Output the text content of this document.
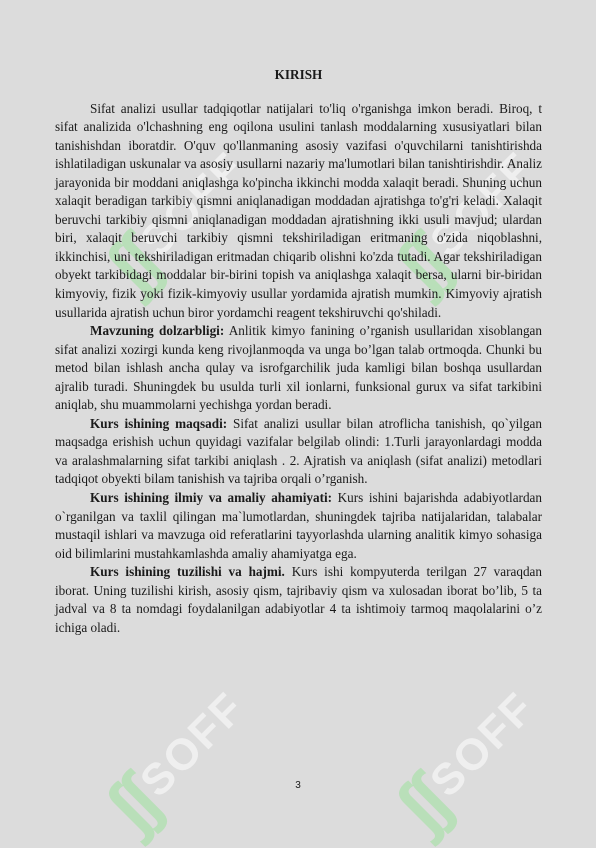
ʃʃ
SOFF ʃʃ
SOFF
ʃʃ
SOFF ʃʃ
SOFF
KIRISH

Sifat analizi usullar tadqiqotlar natijalari to'liq o'rganishga imkon beradi. Biroq, t sifat analizida o'lchashning eng oqilona usulini tanlash moddalarning xususiyatlari bilan tanishishdan iboratdir. O'quv qo'llanmaning asosiy vazifasi o'quvchilarni tanishtirishda ishlatiladigan uskunalar va asosiy usullarni nazariy ma'lumotlari bilan tanishtirishdir. Analiz jarayonida bir moddani aniqlashga ko'pincha ikkinchi modda xalaqit beradi. Shuning uchun xalaqit beradigan tarkibiy qismni aniqlanadigan moddadan ajratishga to'g'ri keladi. Xalaqit beruvchi tarkibiy qismni aniqlanadigan moddadan ajratishning ikki usuli mavjud; ulardan biri, xalaqit beruvchi tarkibiy qismni tekshiriladigan eritmaning o'zida niqoblashni, ikkinchisi, uni tekshiriladigan eritmadan chiqarib olishni ko'zda tutadi. Agar tekshiriladigan obyekt tarkibidagi moddalar bir-birini topish va aniqlashga xalaqit bersa, ularni bir-biridan kimyoviy, fizik yoki fizik-kimyoviy usullar yordamida ajratish mumkin. Kimyoviy ajratish usullarida ajratish uchun biror yordamchi reagent tekshiruvchi qo'shiladi.

Mavzuning dolzarbligi: Anlitik kimyo fanining o’rganish usullaridan xisoblangan sifat analizi xozirgi kunda keng rivojlanmoqda va unga bo’lgan talab ortmoqda. Chunki bu metod bilan ishlash ancha qulay va isrofgarchilik juda kamligi bilan boshqa usullardan ajralib turadi. Shuningdek bu usulda turli xil ionlarni, funksional gurux va sifat tarkibini aniqlab, shu muammolarni yechishga yordan beradi.

Kurs ishining maqsadi: Sifat analizi usullar bilan atroflicha tanishish, qo`yilgan maqsadga erishish uchun quyidagi vazifalar belgilab olindi: 1.Turli jarayonlardagi modda va aralashmalarning sifat tarkibi aniqlash . 2. Ajratish va aniqlash (sifat analizi) metodlari tadqiqot obyekti bilam tanishish va tajriba orqali o’rganish.

Kurs ishining ilmiy va amaliy ahamiyati: Kurs ishini bajarishda adabiyotlardan o`rganilgan va taxlil qilingan ma`lumotlardan, shuningdek tajriba natijalaridan, talabalar mustaqil ishlari va mavzuga oid referatlarini tayyorlashda ularning analitik kimyo sohasiga oid bilimlarini mustahkamlashda amaliy ahamiyatga ega.

Kurs ishining tuzilishi va hajmi. Kurs ishi kompyuterda terilgan 27 varaqdan iborat. Uning tuzilishi kirish, asosiy qism, tajribaviy qism va xulosadan iborat bo’lib, 5 ta jadval va 8 ta nomdagi foydalanilgan adabiyotlar 4 ta ishtimoiy tarmoq maqolalarini o’z ichiga oladi.

3
